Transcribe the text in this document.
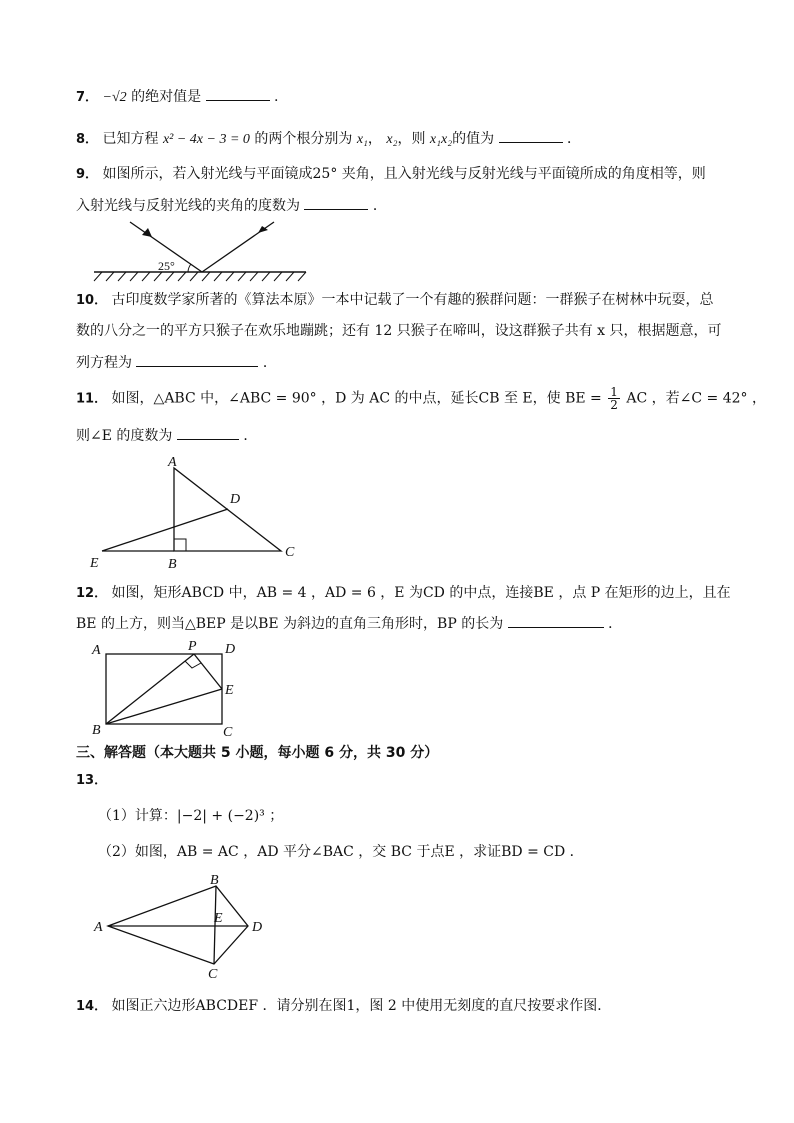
7． −√2 的绝对值是	.
8． 已知方程 x² − 4x − 3 = 0 的两个根分别为 x₁， x₂，则 x₁x₂的值为	．
9． 如图所示，若入射光线与平面镜成25° 夹角，且入射光线与反射光线与平面镜所成的角度相等，则
入射光线与反射光线的夹角的度数为	．
25°
10． 古印度数学家所著的《算法本原》一本中记载了一个有趣的猴群问题：一群猴子在树林中玩耍，总
数的八分之一的平方只猴子在欢乐地蹦跳；还有 12 只猴子在啼叫，设这群猴子共有 x 只，根据题意，可
列方程为	．
11． 如图，△ABC 中，∠ABC = 90° ，D 为 AC 的中点，延长CB 至 E，使 BE = $\frac{1}{2}$ AC ，若∠C = 42° ，
则∠E 的度数为	．
A
D
E	B
C
12． 如图，矩形ABCD 中，AB = 4 ，AD = 6 ，E 为CD 的中点，连接BE ，点 P 在矩形的边上，且在
BE 的上方，则当△BEP 是以BE 为斜边的直角三角形时，BP 的长为	．
A	P D
E
B	C
三、解答题（本大题共 5 小题，每小题 6 分，共 30 分）
13．
（1）计算：|−2| + (−2)³ ；
（2）如图，AB = AC ，AD 平分∠BAC ，交 BC 于点E ，求证BD = CD ．
A
B
E
D
C
14． 如图正六边形ABCDEF ．请分别在图1，图 2 中使用无刻度的直尺按要求作图．
